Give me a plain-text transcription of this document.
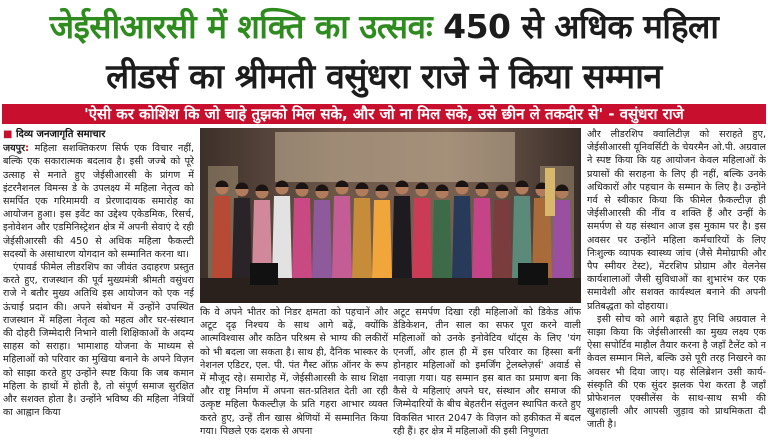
जेईसीआरसी में शक्ति का उत्सवः 450 से अधिक महिला
लीडर्स का श्रीमती वसुंधरा राजे ने किया सम्मान
'ऐसी कर कोशिश कि जो चाहे तुझको मिल सके, और जो ना मिल सके, उसे छीन ले तकदीर से' - वसुंधरा राजे
■ दिव्य जनजागृति समाचार

जयपुर: महिला सशक्तिकरण सिर्फ एक विचार नहीं, बल्कि एक सकारात्मक बदलाव है। इसी जज्बे को पूरे उत्साह से मनाते हुए जेईसीआरसी के प्रांगण में इंटरनैशनल विमन्स डे के उपलक्ष्य में महिला नेतृत्व को समर्पित एक गरिमामयी व प्रेरणादायक समारोह का आयोजन हुआ। इस इवेंट का उद्देश्य एकेडमिक, रिसर्च, इनोवेशन और एडमिनिस्ट्रेशन क्षेत्र में अपनी सेवाएं दे रही जेईसीआरसी की 450 से अधिक महिला फैकल्टी सदस्यों के असाधारण योगदान को सम्मानित करना था।

एंपावर्ड फीमेल लीडरशिप का जीवंत उदाहरण प्रस्तुत करते हुए, राजस्थान की पूर्व मुख्यमंत्री श्रीमती वसुंधरा राजे ने बतौर मुख्य अतिथि इस आयोजन को एक नई ऊंचाई प्रदान की। अपने संबोधन में उन्होंने उपस्थित राजस्थान में महिला नेतृत्व को महत्व और घर-संस्थान की दोहरी जिम्मेदारी निभाने वाली शिक्षिकाओं के अदम्य साहस को सराहा। भामाशाह योजना के माध्यम से महिलाओं को परिवार का मुखिया बनाने के अपने विज़न को साझा करते हुए उन्होंने स्पष्ट किया कि जब कमान महिला के हाथों में होती है, तो संपूर्ण समाज सुरक्षित और सशक्त होता है। उन्होंने भविष्य की महिला नेत्रियों का आह्वान किया

कि वे अपने भीतर को निडर क्षमता को पहचानें और अटूट दृढ़ निश्चय के साथ आगे बढ़ें, क्योंकि आत्मविश्वास और कठिन परिश्रम से भाग्य की लकीरों को भी बदला जा सकता है। साथ ही, दैनिक भास्कर के नेशनल एडिटर, एल. पी. पंत गैस्ट ऑफ़ ऑनर के रूप में मौजूद रहे। समारोह में, जेईसीआरसी के साथ शिक्षा और राष्ट्र निर्माण में अपना सत-प्रतिशत देती आ रही उत्कृष्ट महिला फैकल्टीज़ के प्रति गहरा आभार व्यक्त करते हुए, उन्हें तीन खास श्रेणियों में सम्मानित किया गया। पिछले एक दशक से अपना

अटूट समर्पण दिखा रही महिलाओं को डिकेड ऑफ डेडिकेशन, तीन साल का सफर पूरा करने वाली महिलाओं को उनके इनोवेटिव थॉट्स के लिए 'यंग एनर्जी, और हाल ही में इस परिवार का हिस्सा बनीं होनहार महिलाओं को इमर्जिंग ट्रेलब्लेज़र्स' अवार्ड से नवाज़ा गया। यह सम्मान इस बात का प्रमाण बना कि कैसे ये महिलाएं अपने घर, संस्थान और समाज की जिम्मेदारियों के बीच बेहतरीन संतुलन स्थापित करते हुए विकसित भारत 2047 के विज़न को हकीकत में बदल रही हैं। हर क्षेत्र में महिलाओं की इसी निपुणता

और लीडरशिप क्वालिटीज़ को सराहते हुए, जेईसीआरसी यूनिवर्सिटी के चेयरमैन ओ.पी. अग्रवाल ने स्पष्ट किया कि यह आयोजन केवल महिलाओं के प्रयासों की सराहना के लिए ही नहीं, बल्कि उनके अधिकारों और पहचान के सम्मान के लिए है। उन्होंने गर्व से स्वीकार किया कि फीमेल फ़ैकल्टीज़ ही जेईसीआरसी की नींव व शक्ति हैं और उन्हीं के समर्पण से यह संस्थान आज इस मुकाम पर है। इस अवसर पर उन्होंने महिला कर्मचारियों के लिए निःशुल्क व्यापक स्वास्थ्य जांच (जैसे मैमोग्राफी और पैप स्मीयर टेस्ट), मेंटरशिप प्रोग्राम और वेलनेस कार्यशालाओं जैसी सुविधाओं का शुभारंभ कर एक समावेशी और सशक्त कार्यस्थल बनाने की अपनी प्रतिबद्धता को दोहराया।

इसी सोच को आगे बढ़ाते हुए निधि अग्रवाल ने साझा किया कि जेईसीआरसी का मुख्य लक्ष्य एक ऐसा सपोर्टिव माहौल तैयार करना है जहाँ टैलेंट को न केवल सम्मान मिले, बल्कि उसे पूरी तरह निखरने का अवसर भी दिया जाए। यह सेलिब्रेशन उसी कार्य-संस्कृति की एक सुंदर झलक पेश करता है जहाँ प्रोफेशनल एक्सीलेंस के साथ-साथ सभी की खुशहाली और आपसी जुड़ाव को प्राथमिकता दी जाती है।
